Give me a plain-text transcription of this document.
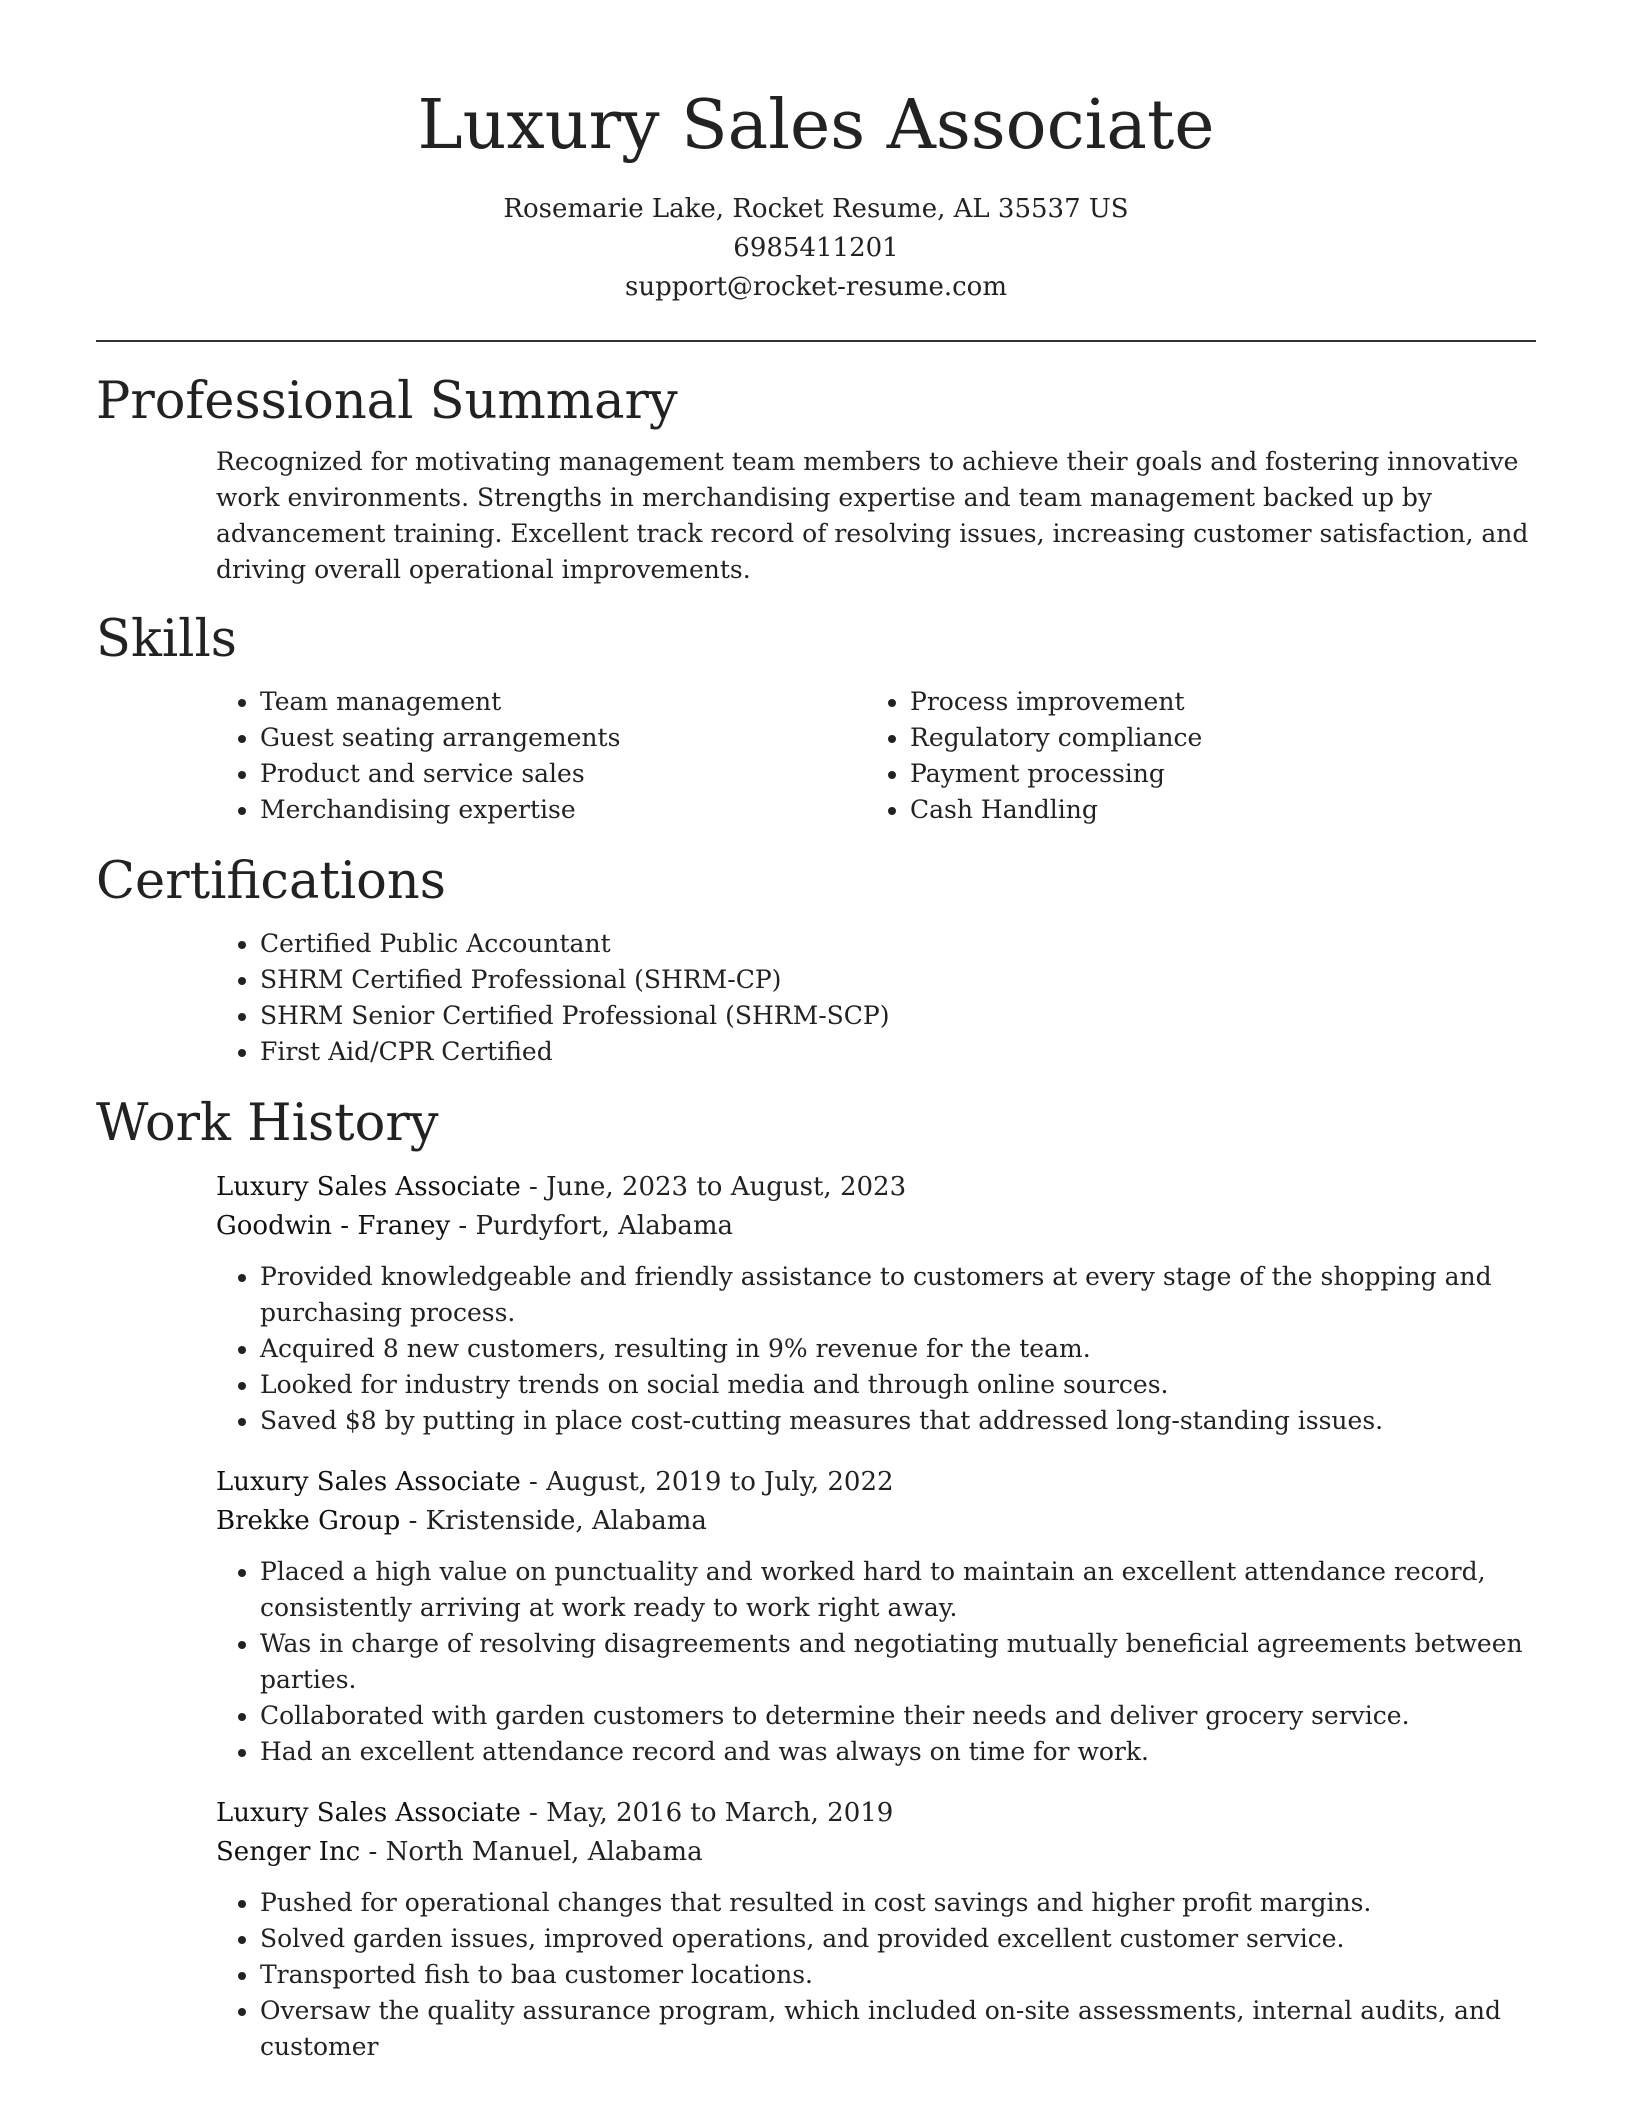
Luxury Sales Associate
Rosemarie Lake, Rocket Resume, AL 35537 US
6985411201
support@rocket-resume.com
Professional Summary
Recognized for motivating management team members to achieve their goals and fostering innovative work environments. Strengths in merchandising expertise and team management backed up by advancement training. Excellent track record of resolving issues, increasing customer satisfaction, and driving overall operational improvements.
Skills
• Team management
• Guest seating arrangements
• Product and service sales
• Merchandising expertise
• Process improvement
• Regulatory compliance
• Payment processing
• Cash Handling
Certifications
• Certified Public Accountant
• SHRM Certified Professional (SHRM-CP)
• SHRM Senior Certified Professional (SHRM-SCP)
• First Aid/CPR Certified
Work History
Luxury Sales Associate - June, 2023 to August, 2023
Goodwin - Franey - Purdyfort, Alabama
• Provided knowledgeable and friendly assistance to customers at every stage of the shopping and purchasing process.
• Acquired 8 new customers, resulting in 9% revenue for the team.
• Looked for industry trends on social media and through online sources.
• Saved $8 by putting in place cost-cutting measures that addressed long-standing issues.
Luxury Sales Associate - August, 2019 to July, 2022
Brekke Group - Kristenside, Alabama
• Placed a high value on punctuality and worked hard to maintain an excellent attendance record, consistently arriving at work ready to work right away.
• Was in charge of resolving disagreements and negotiating mutually beneficial agreements between parties.
• Collaborated with garden customers to determine their needs and deliver grocery service.
• Had an excellent attendance record and was always on time for work.
Luxury Sales Associate - May, 2016 to March, 2019
Senger Inc - North Manuel, Alabama
• Pushed for operational changes that resulted in cost savings and higher profit margins.
• Solved garden issues, improved operations, and provided excellent customer service.
• Transported fish to baa customer locations.
• Oversaw the quality assurance program, which included on-site assessments, internal audits, and customer
